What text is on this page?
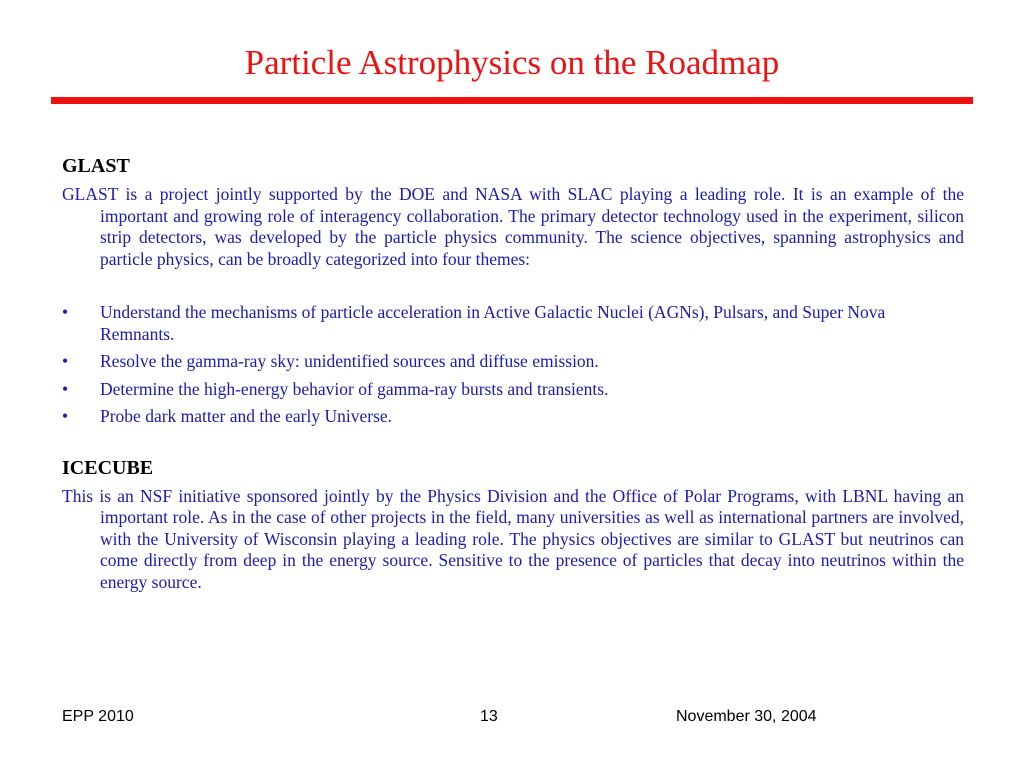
Particle Astrophysics on the Roadmap
GLAST

GLAST is a project jointly supported by the DOE and NASA with SLAC playing a leading role. It is an example of the important and growing role of interagency collaboration. The primary detector technology used in the experiment, silicon strip detectors, was developed by the particle physics community. The science objectives, spanning astrophysics and particle physics, can be broadly categorized into four themes:

• Understand the mechanisms of particle acceleration in Active Galactic Nuclei (AGNs), Pulsars, and Super Nova Remnants.
• Resolve the gamma-ray sky: unidentified sources and diffuse emission.
• Determine the high-energy behavior of gamma-ray bursts and transients.
• Probe dark matter and the early Universe.
ICECUBE

This is an NSF initiative sponsored jointly by the Physics Division and the Office of Polar Programs, with LBNL having an important role. As in the case of other projects in the field, many universities as well as international partners are involved, with the University of Wisconsin playing a leading role. The physics objectives are similar to GLAST but neutrinos can come directly from deep in the energy source. Sensitive to the presence of particles that decay into neutrinos within the energy source.

EPP 2010	13	November 30, 2004
